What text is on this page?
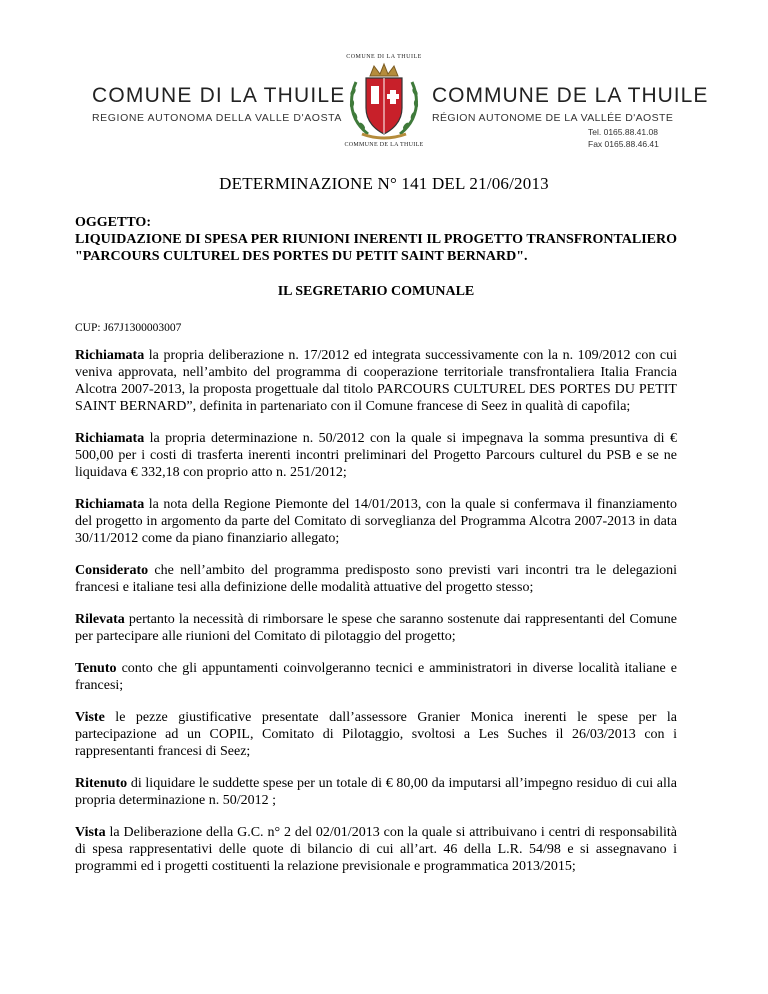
COMUNE DI LA THUILE
REGIONE AUTONOMA DELLA VALLE D'AOSTA
COMUNE DI LA THUILE
COMMUNE DE LA THUILE
COMMUNE DE LA THUILE
RÉGION AUTONOME DE LA VALLÉE D'AOSTE
Tel. 0165.88.41.08
Fax 0165.88.46.41
DETERMINAZIONE N° 141 DEL 21/06/2013
OGGETTO:
LIQUIDAZIONE DI SPESA PER RIUNIONI INERENTI IL PROGETTO TRANSFRONTALIERO "PARCOURS CULTUREL DES PORTES DU PETIT SAINT BERNARD".
IL SEGRETARIO COMUNALE
CUP: J67J1300003007

Richiamata la propria deliberazione n. 17/2012 ed integrata successivamente con la n. 109/2012 con cui veniva approvata, nell’ambito del programma di cooperazione territoriale transfrontaliera Italia Francia Alcotra 2007-2013, la proposta progettuale dal titolo PARCOURS CULTUREL DES PORTES DU PETIT SAINT BERNARD”, definita in partenariato con il Comune francese di Seez in qualità di capofila;

Richiamata la propria determinazione n. 50/2012 con la quale si impegnava la somma presuntiva di € 500,00 per i costi di trasferta inerenti incontri preliminari del Progetto Parcours culturel du PSB e se ne liquidava € 332,18 con proprio atto n. 251/2012;

Richiamata la nota della Regione Piemonte del 14/01/2013, con la quale si confermava il finanziamento del progetto in argomento da parte del Comitato di sorveglianza del Programma Alcotra 2007-2013 in data 30/11/2012 come da piano finanziario allegato;

Considerato che nell’ambito del programma predisposto sono previsti vari incontri tra le delegazioni francesi e italiane tesi alla definizione delle modalità attuative del progetto stesso;

Rilevata pertanto la necessità di rimborsare le spese che saranno sostenute dai rappresentanti del Comune per partecipare alle riunioni del Comitato di pilotaggio del progetto;

Tenuto conto che gli appuntamenti coinvolgeranno tecnici e amministratori in diverse località italiane e francesi;

Viste le pezze giustificative presentate dall’assessore Granier Monica inerenti le spese per la partecipazione ad un COPIL, Comitato di Pilotaggio, svoltosi a Les Suches il 26/03/2013 con i rappresentanti francesi di Seez;

Ritenuto di liquidare le suddette spese per un totale di € 80,00 da imputarsi all’impegno residuo di cui alla propria determinazione n. 50/2012 ;

Vista la Deliberazione della G.C. n° 2 del 02/01/2013 con la quale si attribuivano i centri di responsabilità di spesa rappresentativi delle quote di bilancio di cui all’art. 46 della L.R. 54/98 e si assegnavano i programmi ed i progetti costituenti la relazione previsionale e programmatica 2013/2015;
